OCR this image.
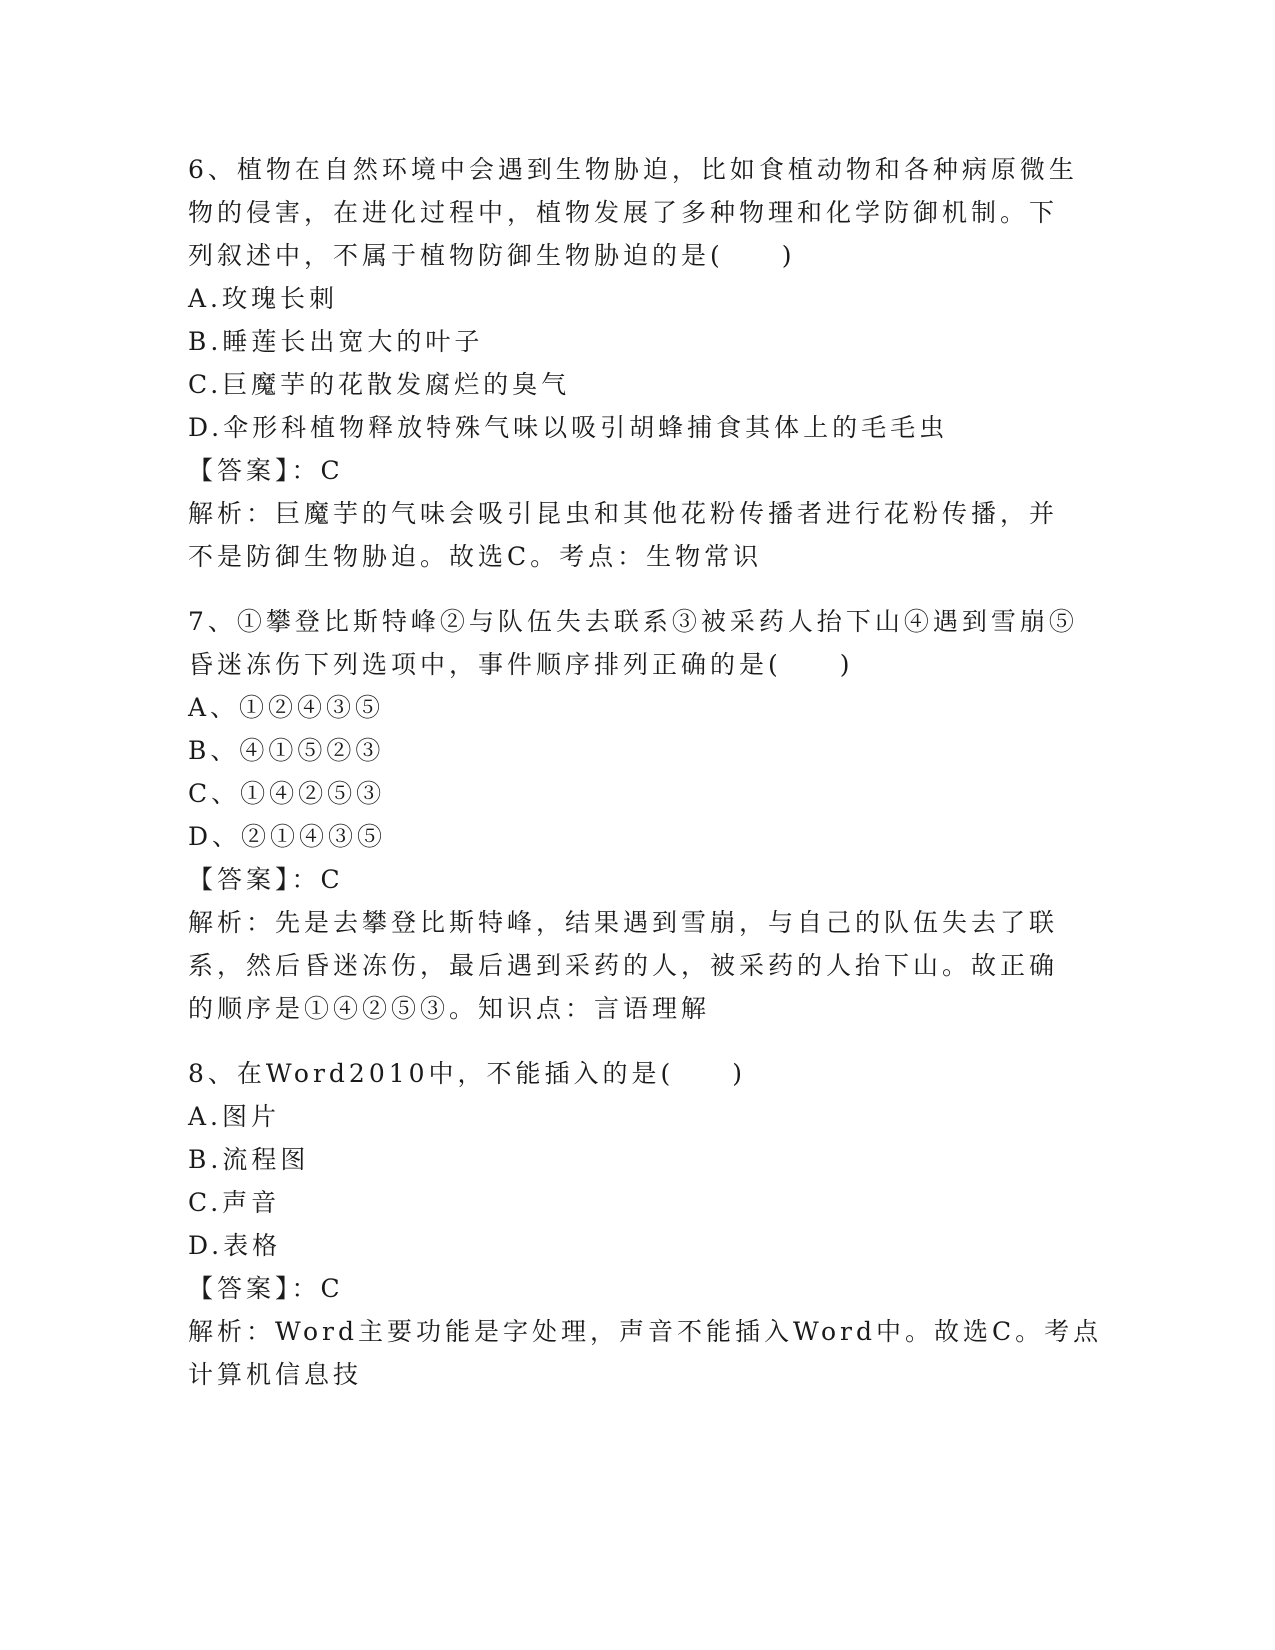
6、植物在自然环境中会遇到生物胁迫，比如食植动物和各种病原微生
物的侵害，在进化过程中，植物发展了多种物理和化学防御机制。下
列叙述中，不属于植物防御生物胁迫的是(　　)
A.玫瑰长刺
B.睡莲长出宽大的叶子
C.巨魔芋的花散发腐烂的臭气
D.伞形科植物释放特殊气味以吸引胡蜂捕食其体上的毛毛虫
【答案】：C
解析：巨魔芋的气味会吸引昆虫和其他花粉传播者进行花粉传播，并
不是防御生物胁迫。故选C。考点：生物常识
7、①攀登比斯特峰②与队伍失去联系③被采药人抬下山④遇到雪崩⑤
昏迷冻伤下列选项中，事件顺序排列正确的是(　　)
A、①②④③⑤
B、④①⑤②③
C、①④②⑤③
D、②①④③⑤
【答案】：C
解析：先是去攀登比斯特峰，结果遇到雪崩，与自己的队伍失去了联
系，然后昏迷冻伤，最后遇到采药的人，被采药的人抬下山。故正确
的顺序是①④②⑤③。知识点：言语理解
8、在Word2010中，不能插入的是(　　)
A.图片
B.流程图
C.声音
D.表格
【答案】：C
解析：Word主要功能是字处理，声音不能插入Word中。故选C。考点
计算机信息技
